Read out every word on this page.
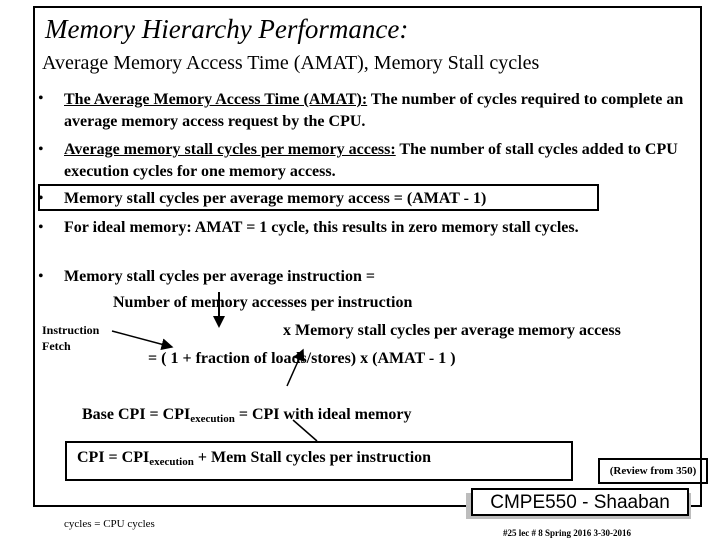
Memory Hierarchy Performance:
Average Memory Access Time (AMAT), Memory Stall cycles
• The Average Memory Access Time (AMAT): The number of cycles required to complete an average memory access request by the CPU.
• Average memory stall cycles per memory access: The number of stall cycles added to CPU execution cycles for one memory access.
• Memory stall cycles per average memory access = (AMAT - 1)
• For ideal memory: AMAT = 1 cycle, this results in zero memory stall cycles.
• Memory stall cycles per average instruction =
Number of memory accesses per instruction
x Memory stall cycles per average memory access
= ( 1 + fraction of loads/stores) x (AMAT - 1 )
Instruction Fetch
Base CPI = $CPI_{execution}$ = CPI with ideal memory
CPI = $CPI_{execution}$ + Mem Stall cycles per instruction
(Review from 350)
CMPE550 - Shaaban
cycles = CPU cycles
#25 lec # 8 Spring 2016 3-30-2016
